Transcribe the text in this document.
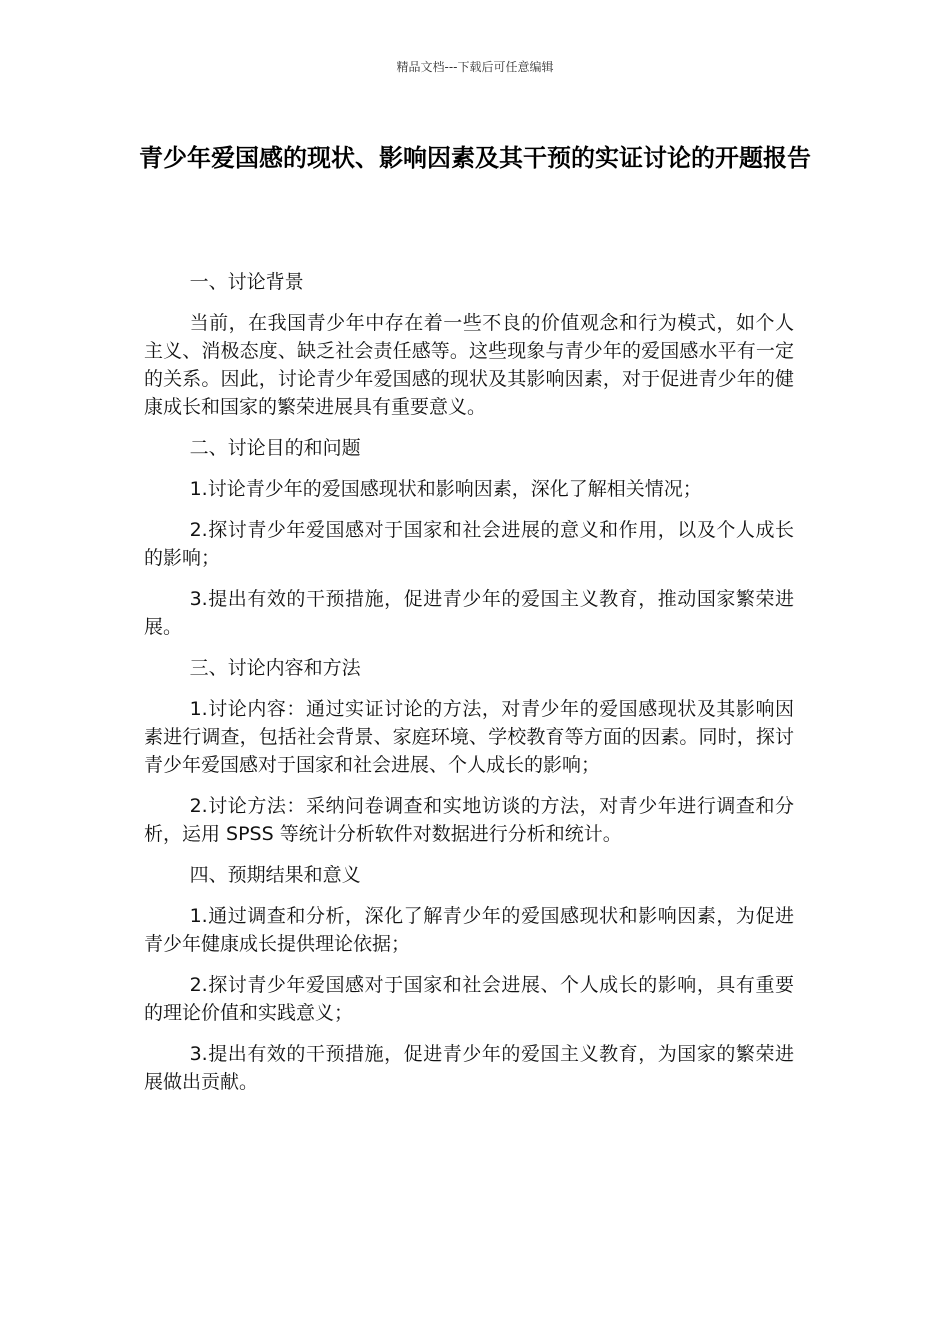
精品文档---下载后可任意编辑
青少年爱国感的现状、影响因素及其干预的实证讨论的开题报告

一、讨论背景

当前，在我国青少年中存在着一些不良的价值观念和行为模式，如个人主义、消极态度、缺乏社会责任感等。这些现象与青少年的爱国感水平有一定的关系。因此，讨论青少年爱国感的现状及其影响因素，对于促进青少年的健康成长和国家的繁荣进展具有重要意义。

二、讨论目的和问题

1.讨论青少年的爱国感现状和影响因素，深化了解相关情况；

2.探讨青少年爱国感对于国家和社会进展的意义和作用，以及个人成长的影响；

3.提出有效的干预措施，促进青少年的爱国主义教育，推动国家繁荣进展。

三、讨论内容和方法

1.讨论内容：通过实证讨论的方法，对青少年的爱国感现状及其影响因素进行调查，包括社会背景、家庭环境、学校教育等方面的因素。同时，探讨青少年爱国感对于国家和社会进展、个人成长的影响；

2.讨论方法：采纳问卷调查和实地访谈的方法，对青少年进行调查和分析，运用 SPSS 等统计分析软件对数据进行分析和统计。

四、预期结果和意义

1.通过调查和分析，深化了解青少年的爱国感现状和影响因素，为促进青少年健康成长提供理论依据；

2.探讨青少年爱国感对于国家和社会进展、个人成长的影响，具有重要的理论价值和实践意义；

3.提出有效的干预措施，促进青少年的爱国主义教育，为国家的繁荣进展做出贡献。
